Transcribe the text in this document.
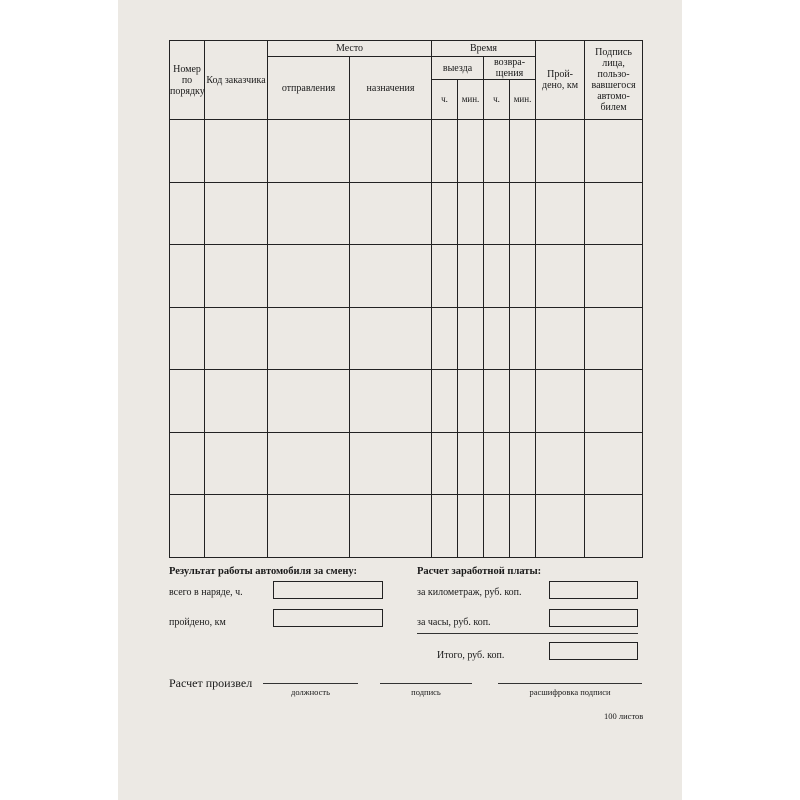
Номер по порядку	Код заказчика	Место		Время				Прой-дено, км	Подпись лица, пользо-вавшегося автомо-билем
		отправления	назначения	выезда		возвра-щения			
				ч.	мин.	ч.	мин.		

Результат работы автомобиля за смену:
всего в наряде, ч.
пройдено, км
Расчет заработной платы:
за километраж, руб. коп.
за часы, руб. коп.
Итого, руб. коп.
Расчет произвел
должность	подпись	расшифровка подписи
100 листов
